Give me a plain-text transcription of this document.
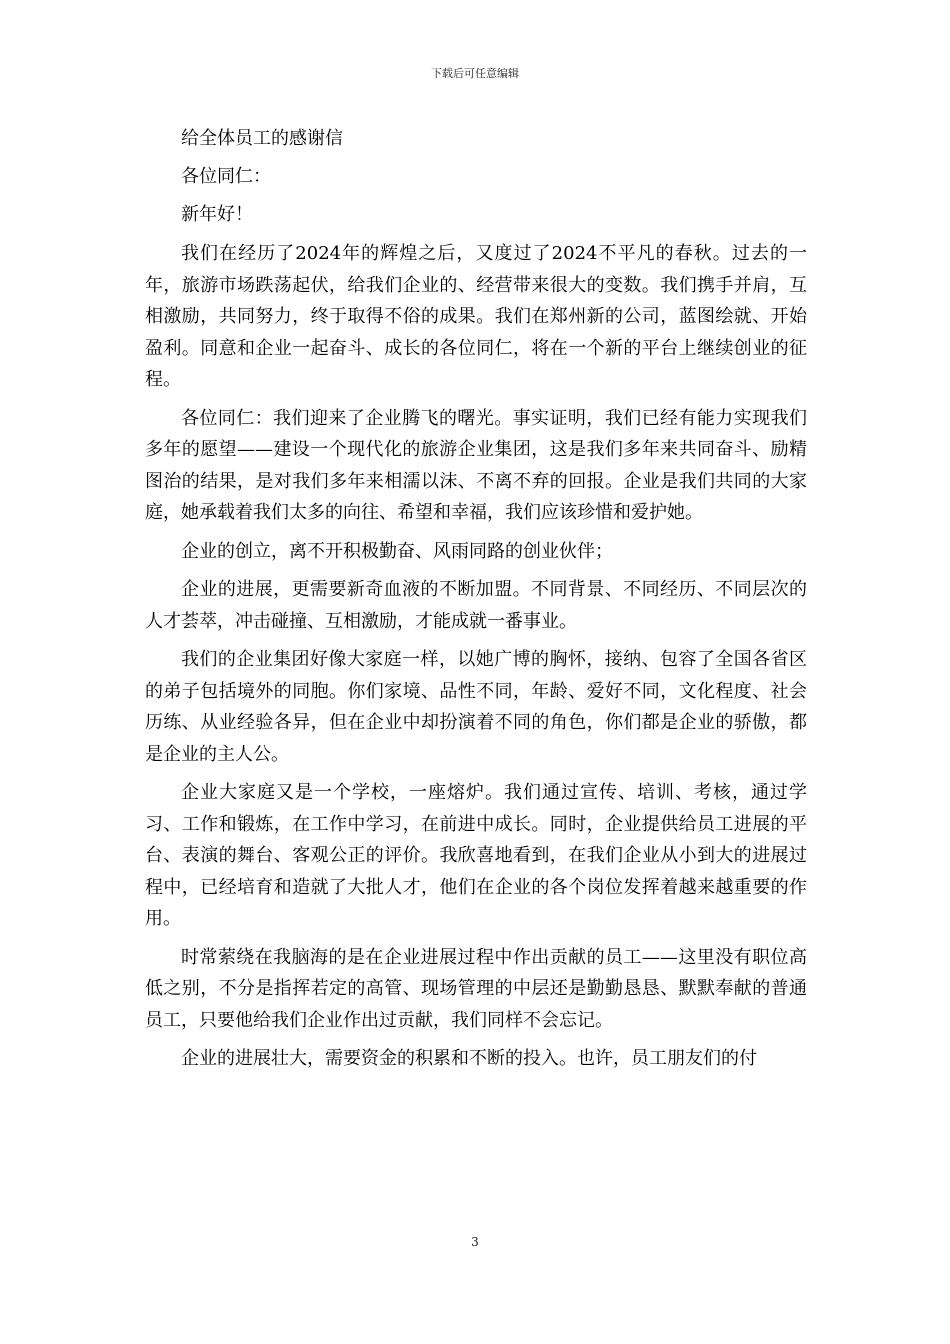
下载后可任意编辑

给全体员工的感谢信

各位同仁：

新年好！

我们在经历了2024年的辉煌之后，又度过了2024不平凡的春秋。过去的一年，旅游市场跌荡起伏，给我们企业的、经营带来很大的变数。我们携手并肩，互相激励，共同努力，终于取得不俗的成果。我们在郑州新的公司，蓝图绘就、开始盈利。同意和企业一起奋斗、成长的各位同仁，将在一个新的平台上继续创业的征程。

各位同仁：我们迎来了企业腾飞的曙光。事实证明，我们已经有能力实现我们多年的愿望——建设一个现代化的旅游企业集团，这是我们多年来共同奋斗、励精图治的结果，是对我们多年来相濡以沫、不离不弃的回报。企业是我们共同的大家庭，她承载着我们太多的向往、希望和幸福，我们应该珍惜和爱护她。

企业的创立，离不开积极勤奋、风雨同路的创业伙伴；

企业的进展，更需要新奇血液的不断加盟。不同背景、不同经历、不同层次的人才荟萃，冲击碰撞、互相激励，才能成就一番事业。

我们的企业集团好像大家庭一样，以她广博的胸怀，接纳、包容了全国各省区的弟子包括境外的同胞。你们家境、品性不同，年龄、爱好不同，文化程度、社会历练、从业经验各异，但在企业中却扮演着不同的角色，你们都是企业的骄傲，都是企业的主人公。

企业大家庭又是一个学校，一座熔炉。我们通过宣传、培训、考核，通过学习、工作和锻炼，在工作中学习，在前进中成长。同时，企业提供给员工进展的平台、表演的舞台、客观公正的评价。我欣喜地看到，在我们企业从小到大的进展过程中，已经培育和造就了大批人才，他们在企业的各个岗位发挥着越来越重要的作用。

时常萦绕在我脑海的是在企业进展过程中作出贡献的员工——这里没有职位高低之别，不分是指挥若定的高管、现场管理的中层还是勤勤恳恳、默默奉献的普通员工，只要他给我们企业作出过贡献，我们同样不会忘记。

企业的进展壮大，需要资金的积累和不断的投入。也许，员工朋友们的付

3
